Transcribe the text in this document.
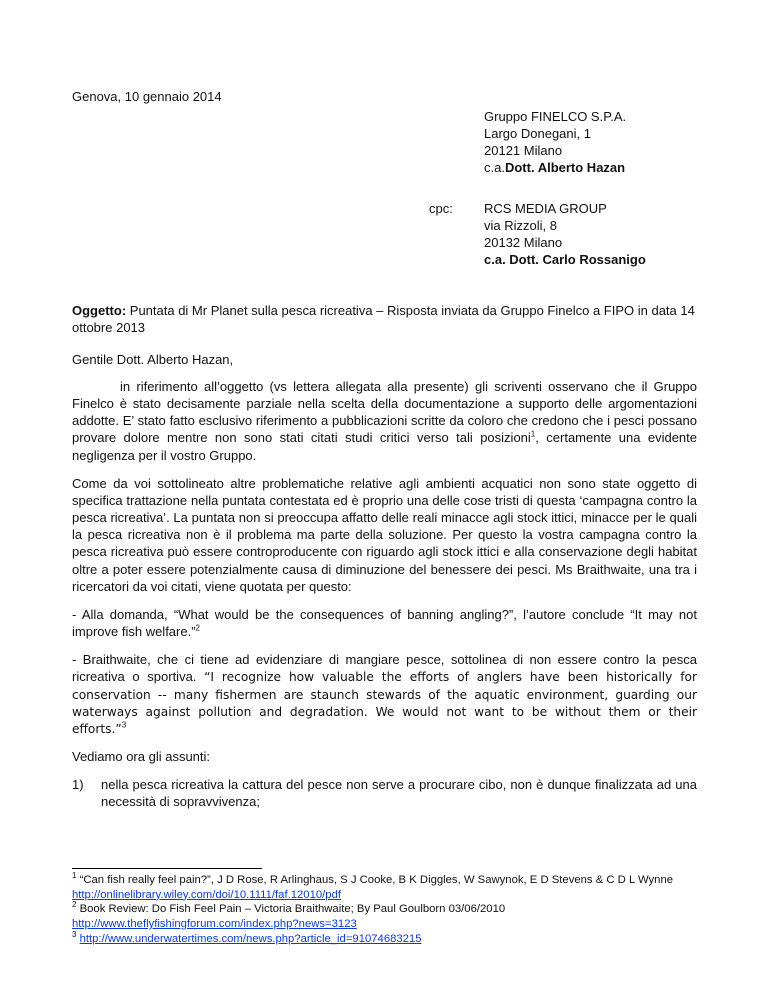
Genova, 10 gennaio 2014
Gruppo FINELCO S.P.A.
Largo Donegani, 1
20121 Milano
c.a.Dott. Alberto Hazan
cpc: RCS MEDIA GROUP
via Rizzoli, 8
20132 Milano
c.a. Dott. Carlo Rossanigo
Oggetto: Puntata di Mr Planet sulla pesca ricreativa – Risposta inviata da Gruppo Finelco a FIPO in data 14 ottobre 2013
Gentile Dott. Alberto Hazan,

in riferimento all’oggetto (vs lettera allegata alla presente) gli scriventi osservano che il Gruppo Finelco è stato decisamente parziale nella scelta della documentazione a supporto delle argomentazioni addotte. E’ stato fatto esclusivo riferimento a pubblicazioni scritte da coloro che credono che i pesci possano provare dolore mentre non sono stati citati studi critici verso tali posizioni$^1$, certamente una evidente negligenza per il vostro Gruppo.

Come da voi sottolineato altre problematiche relative agli ambienti acquatici non sono state oggetto di specifica trattazione nella puntata contestata ed è proprio una delle cose tristi di questa ‘campagna contro la pesca ricreativa’. La puntata non si preoccupa affatto delle reali minacce agli stock ittici, minacce per le quali la pesca ricreativa non è il problema ma parte della soluzione. Per questo la vostra campagna contro la pesca ricreativa può essere controproducente con riguardo agli stock ittici e alla conservazione degli habitat oltre a poter essere potenzialmente causa di diminuzione del benessere dei pesci. Ms Braithwaite, una tra i ricercatori da voi citati, viene quotata per questo:

- Alla domanda, “What would be the consequences of banning angling?”, l’autore conclude “It may not improve fish welfare.”$^2$

- Braithwaite, che ci tiene ad evidenziare di mangiare pesce, sottolinea di non essere contro la pesca ricreativa o sportiva. “I recognize how valuable the efforts of anglers have been historically for conservation -- many fishermen are staunch stewards of the aquatic environment, guarding our waterways against pollution and degradation. We would not want to be without them or their efforts.”$^3$

Vediamo ora gli assunti:

1) nella pesca ricreativa la cattura del pesce non serve a procurare cibo, non è dunque finalizzata ad una necessità di sopravvivenza;
$^1$ “Can fish really feel pain?”, J D Rose, R Arlinghaus, S J Cooke, B K Diggles, W Sawynok, E D Stevens & C D L Wynne
http://onlinelibrary.wiley.com/doi/10.1111/faf.12010/pdf
$^2$ Book Review: Do Fish Feel Pain – Victoria Braithwaite; By Paul Goulborn 03/06/2010
http://www.theflyfishingforum.com/index.php?news=3123
$^3$ http://www.underwatertimes.com/news.php?article_id=91074683215
